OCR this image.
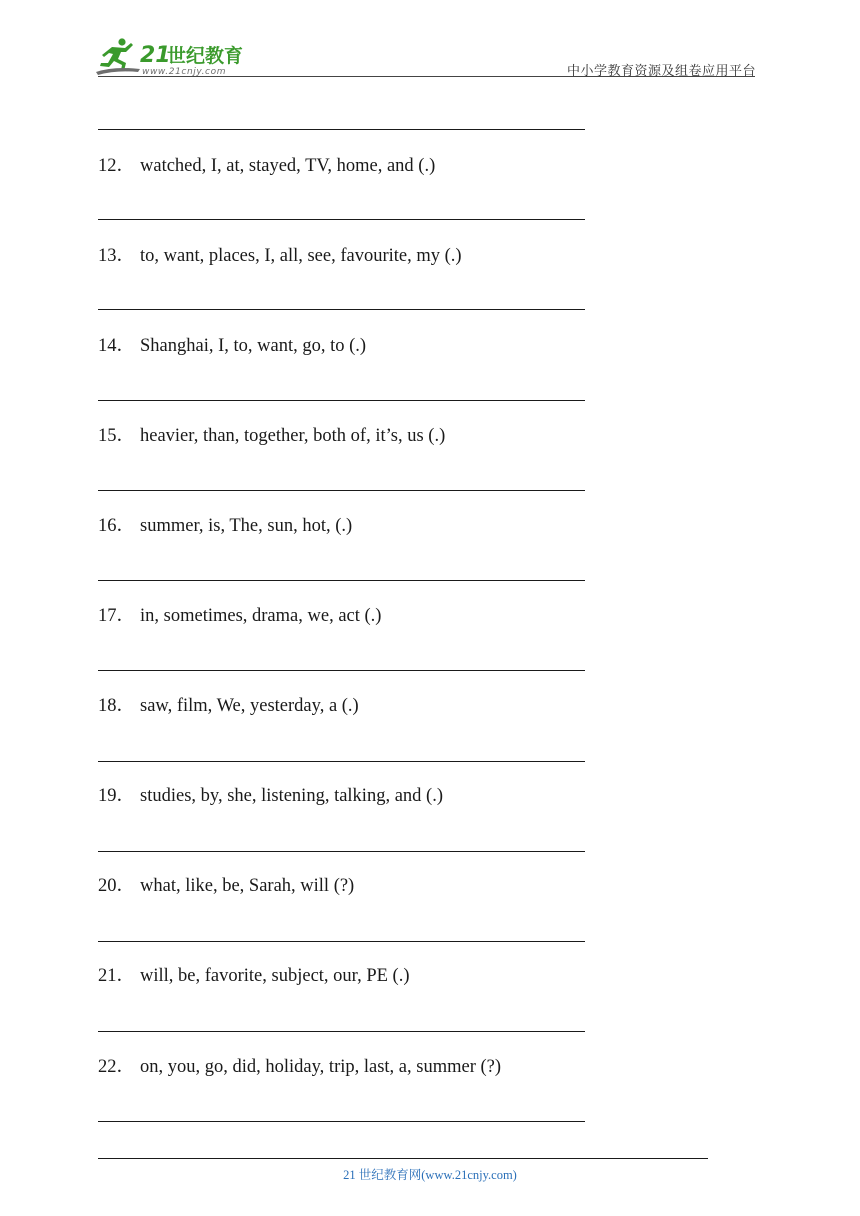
21
世纪教育
www.21cnjy.com	中小学教育资源及组卷应用平台
12． watched, I, at, stayed, TV, home, and (.)
13． to, want, places, I, all, see, favourite, my (.)
14． Shanghai, I, to, want, go, to (.)
15． heavier, than, together, both of, it’s, us (.)
16． summer, is, The, sun, hot, (.)
17． in, sometimes, drama, we, act (.)
18． saw, film, We, yesterday, a (.)
19． studies, by, she, listening, talking, and (.)
20． what, like, be, Sarah, will (?)
21． will, be, favorite, subject, our, PE (.)
22． on, you, go, did, holiday, trip, last, a, summer (?)
21 世纪教育网(www.21cnjy.com)
